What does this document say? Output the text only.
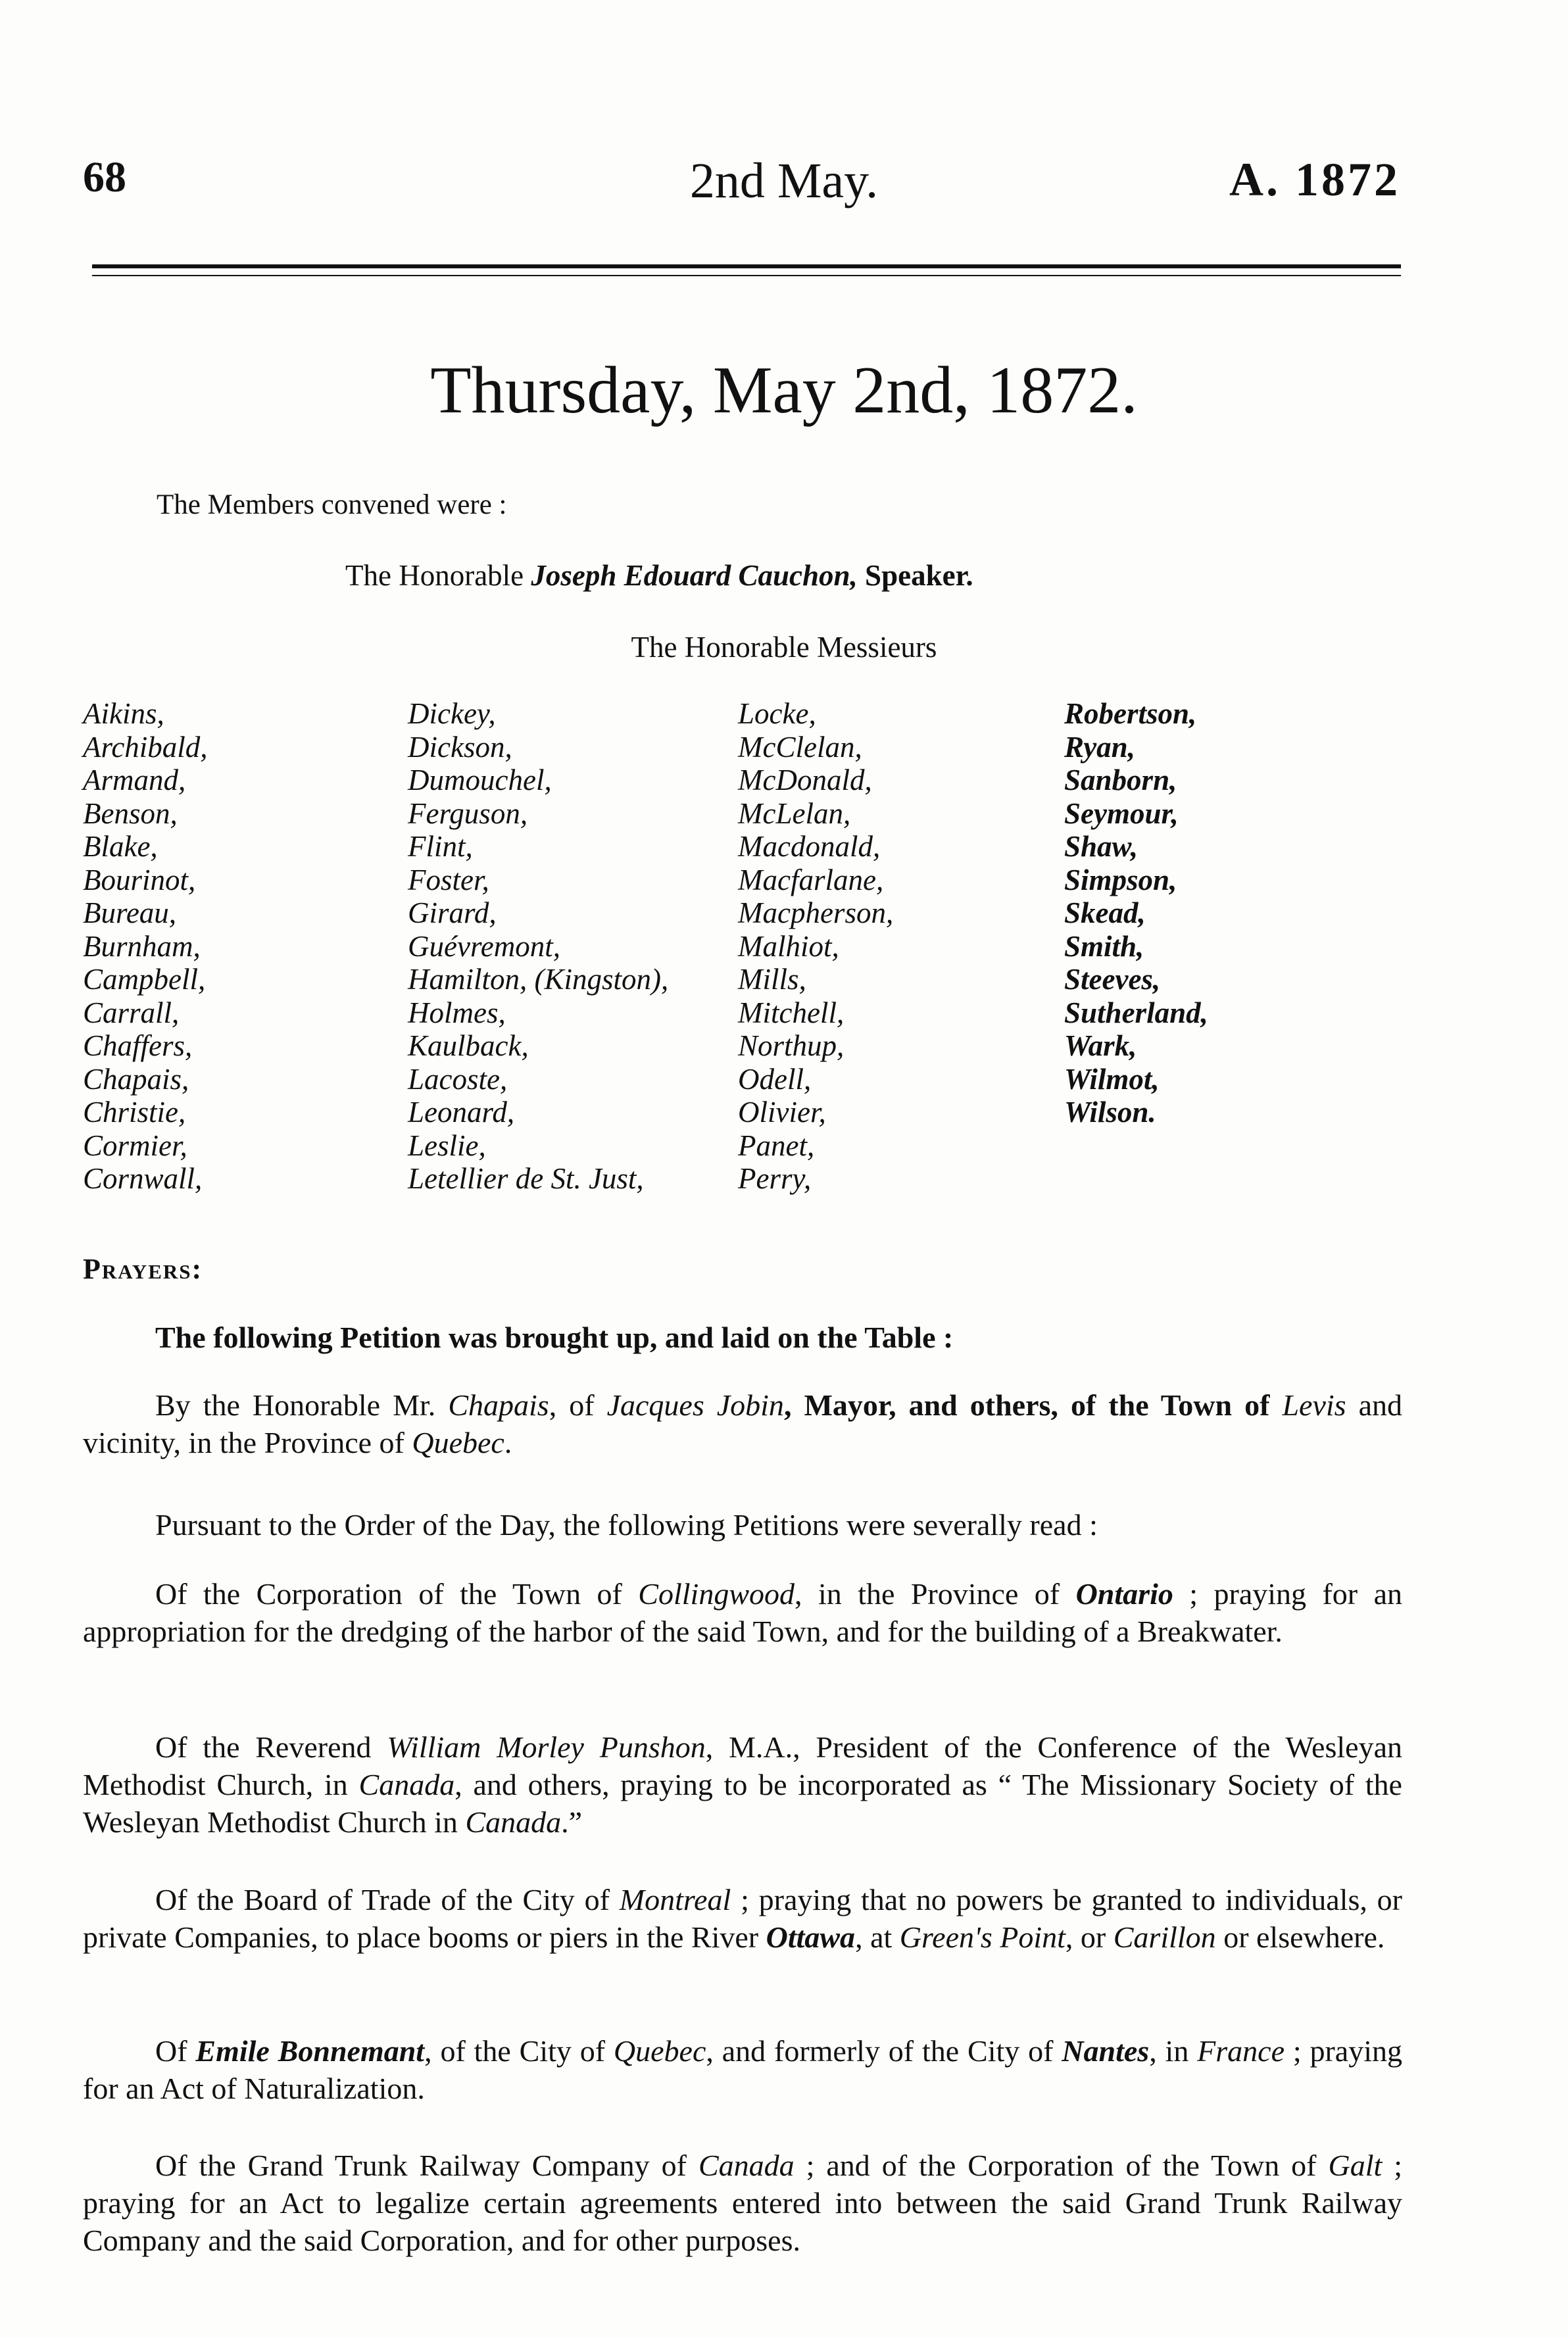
68	2nd May.	A. 1872
Thursday, May 2nd, 1872.
The Members convened were :
The Honorable Joseph Edouard Cauchon, Speaker.
The Honorable Messieurs
Aikins,
Archibald,
Armand,
Benson,
Blake,
Bourinot,
Bureau,
Burnham,
Campbell,
Carrall,
Chaffers,
Chapais,
Christie,
Cormier,
Cornwall,
Dickey,
Dickson,
Dumouchel,
Ferguson,
Flint,
Foster,
Girard,
Guévremont,
Hamilton, (Kingston),
Holmes,
Kaulback,
Lacoste,
Leonard,
Leslie,
Letellier de St. Just,
Locke,
McClelan,
McDonald,
McLelan,
Macdonald,
Macfarlane,
Macpherson,
Malhiot,
Mills,
Mitchell,
Northup,
Odell,
Olivier,
Panet,
Perry,
Robertson,
Ryan,
Sanborn,
Seymour,
Shaw,
Simpson,
Skead,
Smith,
Steeves,
Sutherland,
Wark,
Wilmot,
Wilson.
Prayers:
The following Petition was brought up, and laid on the Table :
By the Honorable Mr. Chapais, of Jacques Jobin, Mayor, and others, of the Town of Levis and vicinity, in the Province of Quebec.
Pursuant to the Order of the Day, the following Petitions were severally read :
Of the Corporation of the Town of Collingwood, in the Province of Ontario ; praying for an appropriation for the dredging of the harbor of the said Town, and for the building of a Breakwater.
Of the Reverend William Morley Punshon, M.A., President of the Conference of the Wesleyan Methodist Church, in Canada, and others, praying to be incorporated as “ The Missionary Society of the Wesleyan Methodist Church in Canada.”
Of the Board of Trade of the City of Montreal ; praying that no powers be granted to individuals, or private Companies, to place booms or piers in the River Ottawa, at Green's Point, or Carillon or elsewhere.
Of Emile Bonnemant, of the City of Quebec, and formerly of the City of Nantes, in France ; praying for an Act of Naturalization.
Of the Grand Trunk Railway Company of Canada ; and of the Corporation of the Town of Galt ; praying for an Act to legalize certain agreements entered into between the said Grand Trunk Railway Company and the said Corporation, and for other purposes.
